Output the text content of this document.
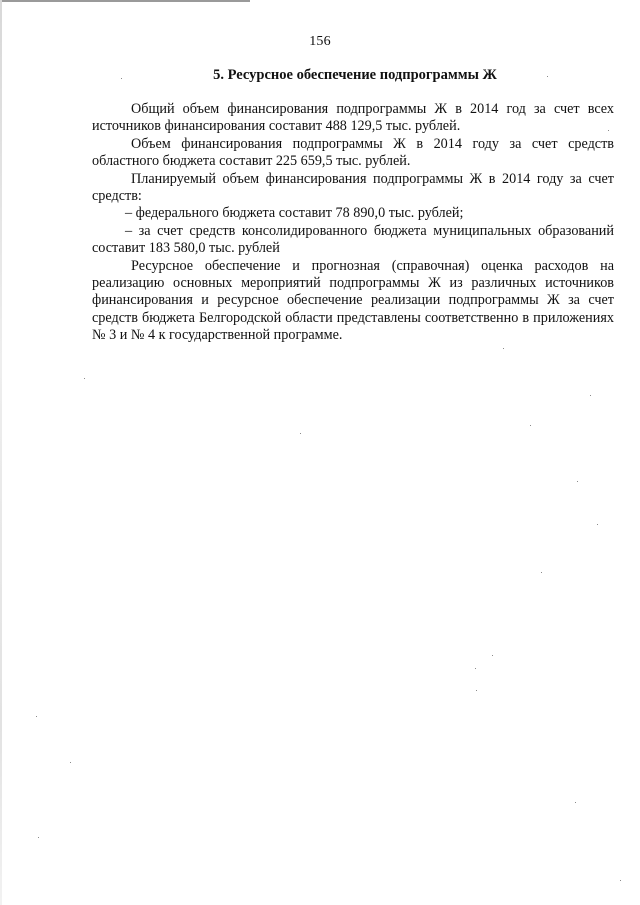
156
5. Ресурсное обеспечение подпрограммы Ж

Общий объем финансирования подпрограммы Ж в 2014 год за счет всех источников финансирования составит 488 129,5 тыс. рублей.

Объем финансирования подпрограммы Ж в 2014 году за счет средств областного бюджета составит 225 659,5 тыс. рублей.

Планируемый объем финансирования подпрограммы Ж в 2014 году за счет средств:

– федерального бюджета составит 78 890,0 тыс. рублей;

– за счет средств консолидированного бюджета муниципальных образований составит 183 580,0 тыс. рублей

Ресурсное обеспечение и прогнозная (справочная) оценка расходов на реализацию основных мероприятий подпрограммы Ж из различных источников финансирования и ресурсное обеспечение реализации подпрограммы Ж за счет средств бюджета Белгородской области представлены соответственно в приложениях № 3 и № 4 к государственной программе.
